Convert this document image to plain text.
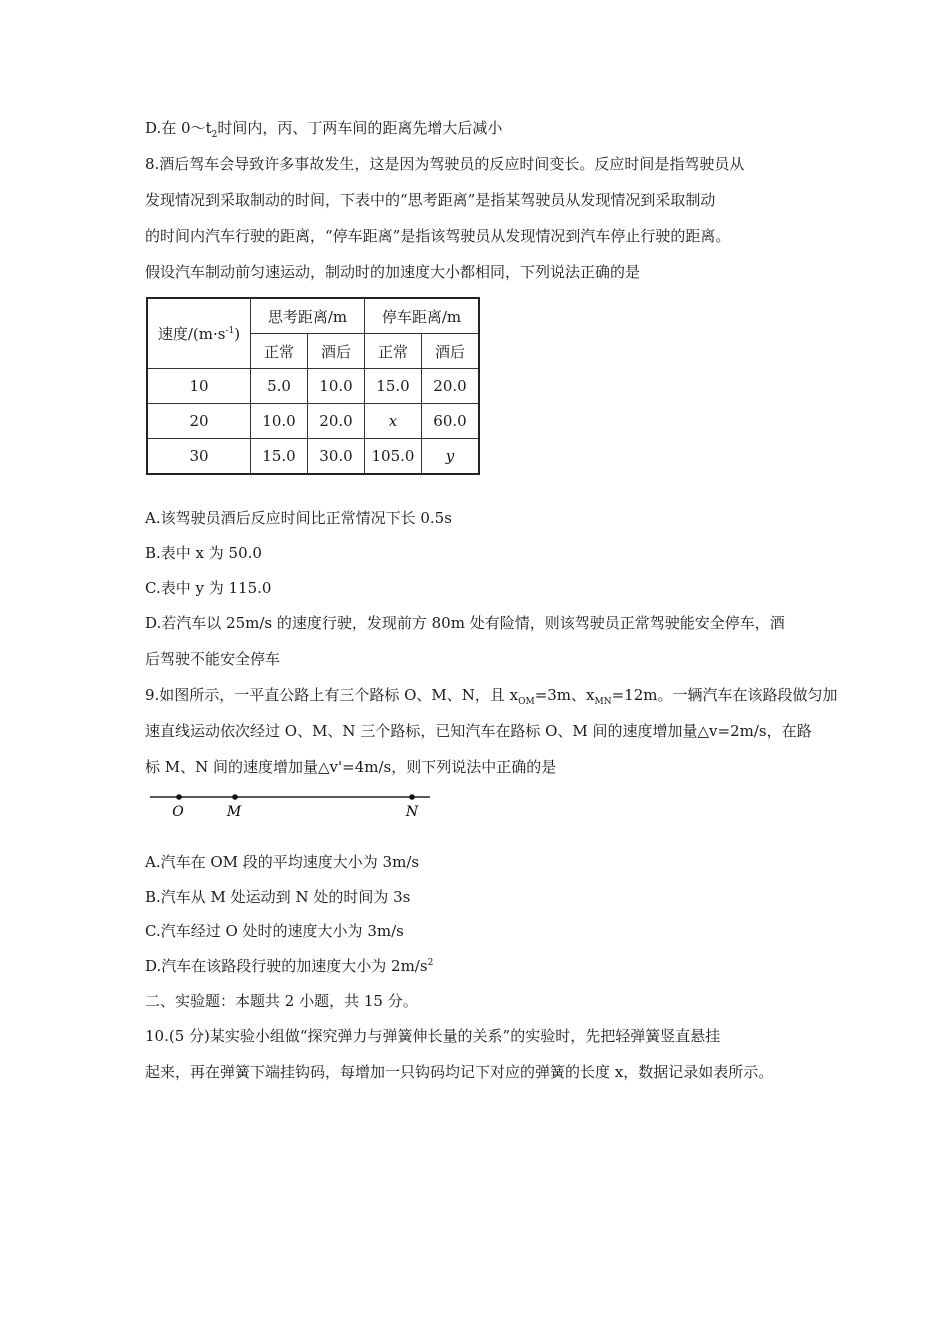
D.在 $0\sim t_2$时间内，丙、丁两车间的距离先增大后减小
8.酒后驾车会导致许多事故发生，这是因为驾驶员的反应时间变长。反应时间是指驾驶员从
发现情况到采取制动的时间，下表中的“思考距离”是指某驾驶员从发现情况到采取制动
的时间内汽车行驶的距离，“停车距离”是指该驾驶员从发现情况到汽车停止行驶的距离。
假设汽车制动前匀速运动，制动时的加速度大小都相同，下列说法正确的是
速度$/(m\cdot s^{-1})$	思考距离/m		停车距离/m	
	正常	酒后	正常	酒后
10	5.0	10.0	15.0	20.0
20	10.0	20.0	x	60.0
30	15.0	30.0	105.0	y
A.该驾驶员酒后反应时间比正常情况下长 0.5s
B.表中 x 为 50.0
C.表中 y 为 115.0
D.若汽车以 25m/s 的速度行驶，发现前方 80m 处有险情，则该驾驶员正常驾驶能安全停车，酒
后驾驶不能安全停车
9.如图所示，一平直公路上有三个路标 O、M、N，且 $x_{OM}=3m$、$x_{MN}=12m$。一辆汽车在该路段做匀加
速直线运动依次经过 O、M、N 三个路标，已知汽车在路标 O、M 间的速度增加量△v=2m/s，在路
标 M、N 间的速度增加量△v'=4m/s，则下列说法中正确的是
O	M	N
A.汽车在 OM 段的平均速度大小为 3m/s
B.汽车从 M 处运动到 N 处的时间为 3s
C.汽车经过 O 处时的速度大小为 3m/s
D.汽车在该路段行驶的加速度大小为 $2m/s^2$
二、实验题：本题共 2 小题，共 15 分。
10.(5 分)某实验小组做“探究弹力与弹簧伸长量的关系”的实验时，先把轻弹簧竖直悬挂
起来，再在弹簧下端挂钩码，每增加一只钩码均记下对应的弹簧的长度 x，数据记录如表所示。
